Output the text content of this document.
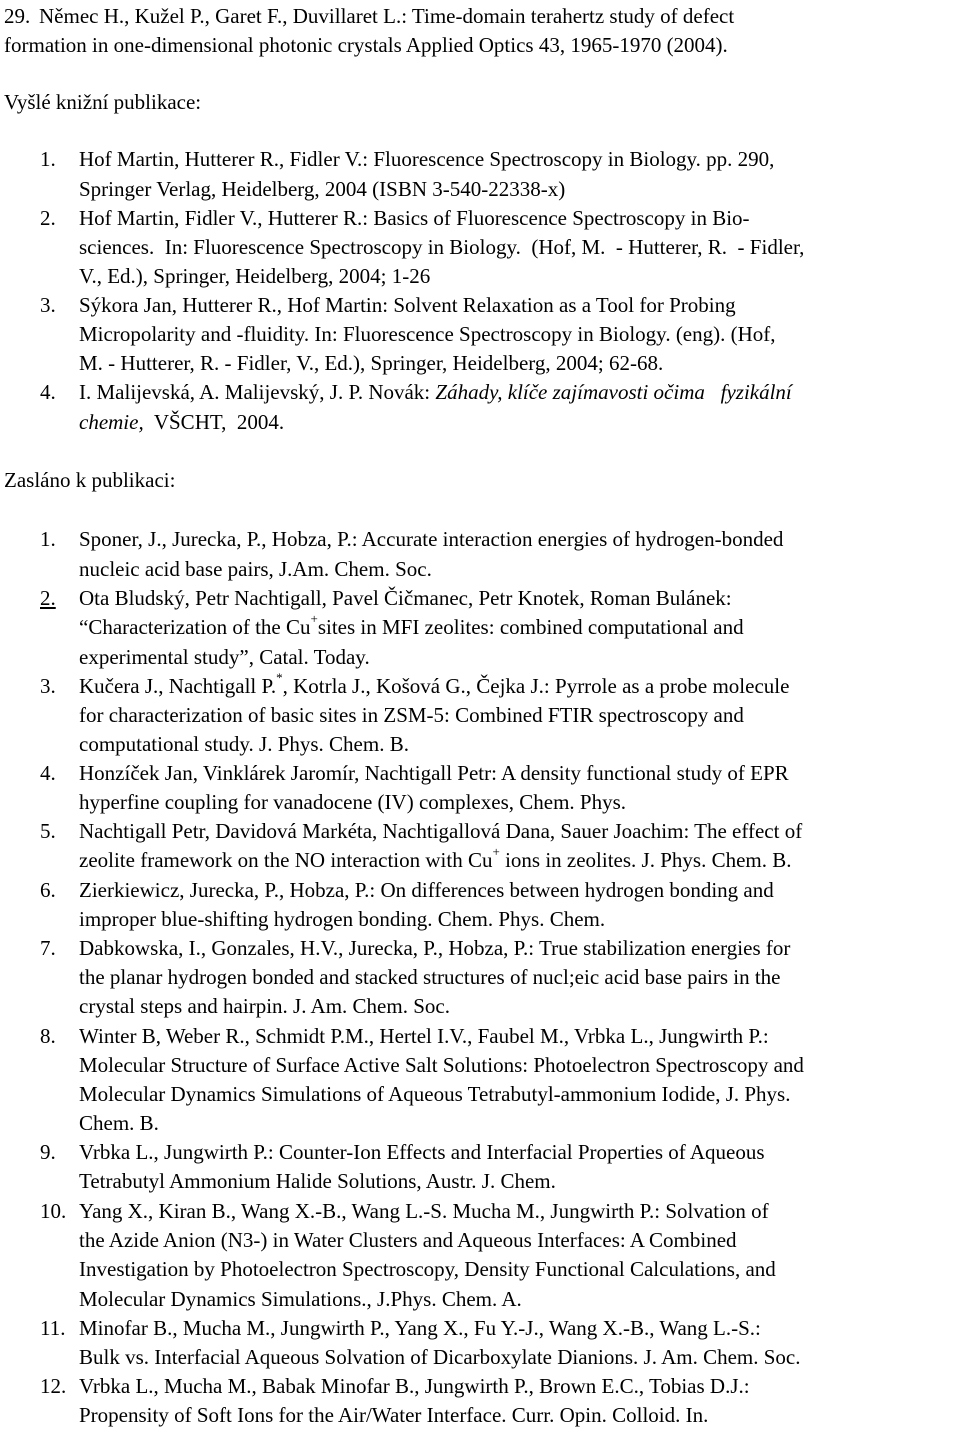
29. Němec H., Kužel P., Garet F., Duvillaret L.: Time-domain terahertz study of defect
formation in one-dimensional photonic crystals Applied Optics 43, 1965-1970 (2004).
Vyšlé knižní publikace:
1. Hof Martin, Hutterer R., Fidler V.: Fluorescence Spectroscopy in Biology. pp. 290,
Springer Verlag, Heidelberg, 2004 (ISBN 3-540-22338-x)
2. Hof Martin, Fidler V., Hutterer R.: Basics of Fluorescence Spectroscopy in Bio-
sciences.  In: Fluorescence Spectroscopy in Biology.  (Hof, M.  - Hutterer, R.  - Fidler,
V., Ed.), Springer, Heidelberg, 2004; 1-26
3. Sýkora Jan, Hutterer R., Hof Martin: Solvent Relaxation as a Tool for Probing
Micropolarity and -fluidity. In: Fluorescence Spectroscopy in Biology. (eng). (Hof,
M. - Hutterer, R. - Fidler, V., Ed.), Springer, Heidelberg, 2004; 62-68.
4. I. Malijevská, A. Malijevský, J. P. Novák: Záhady, klíče zajímavosti očima   fyzikální
chemie,  VŠCHT,  2004.
Zasláno k publikaci:
1. Sponer, J., Jurecka, P., Hobza, P.: Accurate interaction energies of hydrogen-bonded
nucleic acid base pairs, J.Am. Chem. Soc.
2. Ota Bludský, Petr Nachtigall, Pavel Čičmanec, Petr Knotek, Roman Bulánek:
“Characterization of the Cu+sites in MFI zeolites: combined computational and
experimental study”, Catal. Today.
3. Kučera J., Nachtigall P.*, Kotrla J., Košová G., Čejka J.: Pyrrole as a probe molecule
for characterization of basic sites in ZSM-5: Combined FTIR spectroscopy and
computational study. J. Phys. Chem. B.
4. Honzíček Jan, Vinklárek Jaromír, Nachtigall Petr: A density functional study of EPR
hyperfine coupling for vanadocene (IV) complexes, Chem. Phys.
5. Nachtigall Petr, Davidová Markéta, Nachtigallová Dana, Sauer Joachim: The effect of
zeolite framework on the NO interaction with Cu+ ions in zeolites. J. Phys. Chem. B.
6. Zierkiewicz, Jurecka, P., Hobza, P.: On differences between hydrogen bonding and
improper blue-shifting hydrogen bonding. Chem. Phys. Chem.
7. Dabkowska, I., Gonzales, H.V., Jurecka, P., Hobza, P.: True stabilization energies for
the planar hydrogen bonded and stacked structures of nucl;eic acid base pairs in the
crystal steps and hairpin. J. Am. Chem. Soc.
8. Winter B, Weber R., Schmidt P.M., Hertel I.V., Faubel M., Vrbka L., Jungwirth P.:
Molecular Structure of Surface Active Salt Solutions: Photoelectron Spectroscopy and
Molecular Dynamics Simulations of Aqueous Tetrabutyl-ammonium Iodide, J. Phys.
Chem. B.
9. Vrbka L., Jungwirth P.: Counter-Ion Effects and Interfacial Properties of Aqueous
Tetrabutyl Ammonium Halide Solutions, Austr. J. Chem.
10. Yang X., Kiran B., Wang X.-B., Wang L.-S. Mucha M., Jungwirth P.: Solvation of
the Azide Anion (N3-) in Water Clusters and Aqueous Interfaces: A Combined
Investigation by Photoelectron Spectroscopy, Density Functional Calculations, and
Molecular Dynamics Simulations., J.Phys. Chem. A.
11. Minofar B., Mucha M., Jungwirth P., Yang X., Fu Y.-J., Wang X.-B., Wang L.-S.:
Bulk vs. Interfacial Aqueous Solvation of Dicarboxylate Dianions. J. Am. Chem. Soc.
12. Vrbka L., Mucha M., Babak Minofar B., Jungwirth P., Brown E.C., Tobias D.J.:
Propensity of Soft Ions for the Air/Water Interface. Curr. Opin. Colloid. In.
